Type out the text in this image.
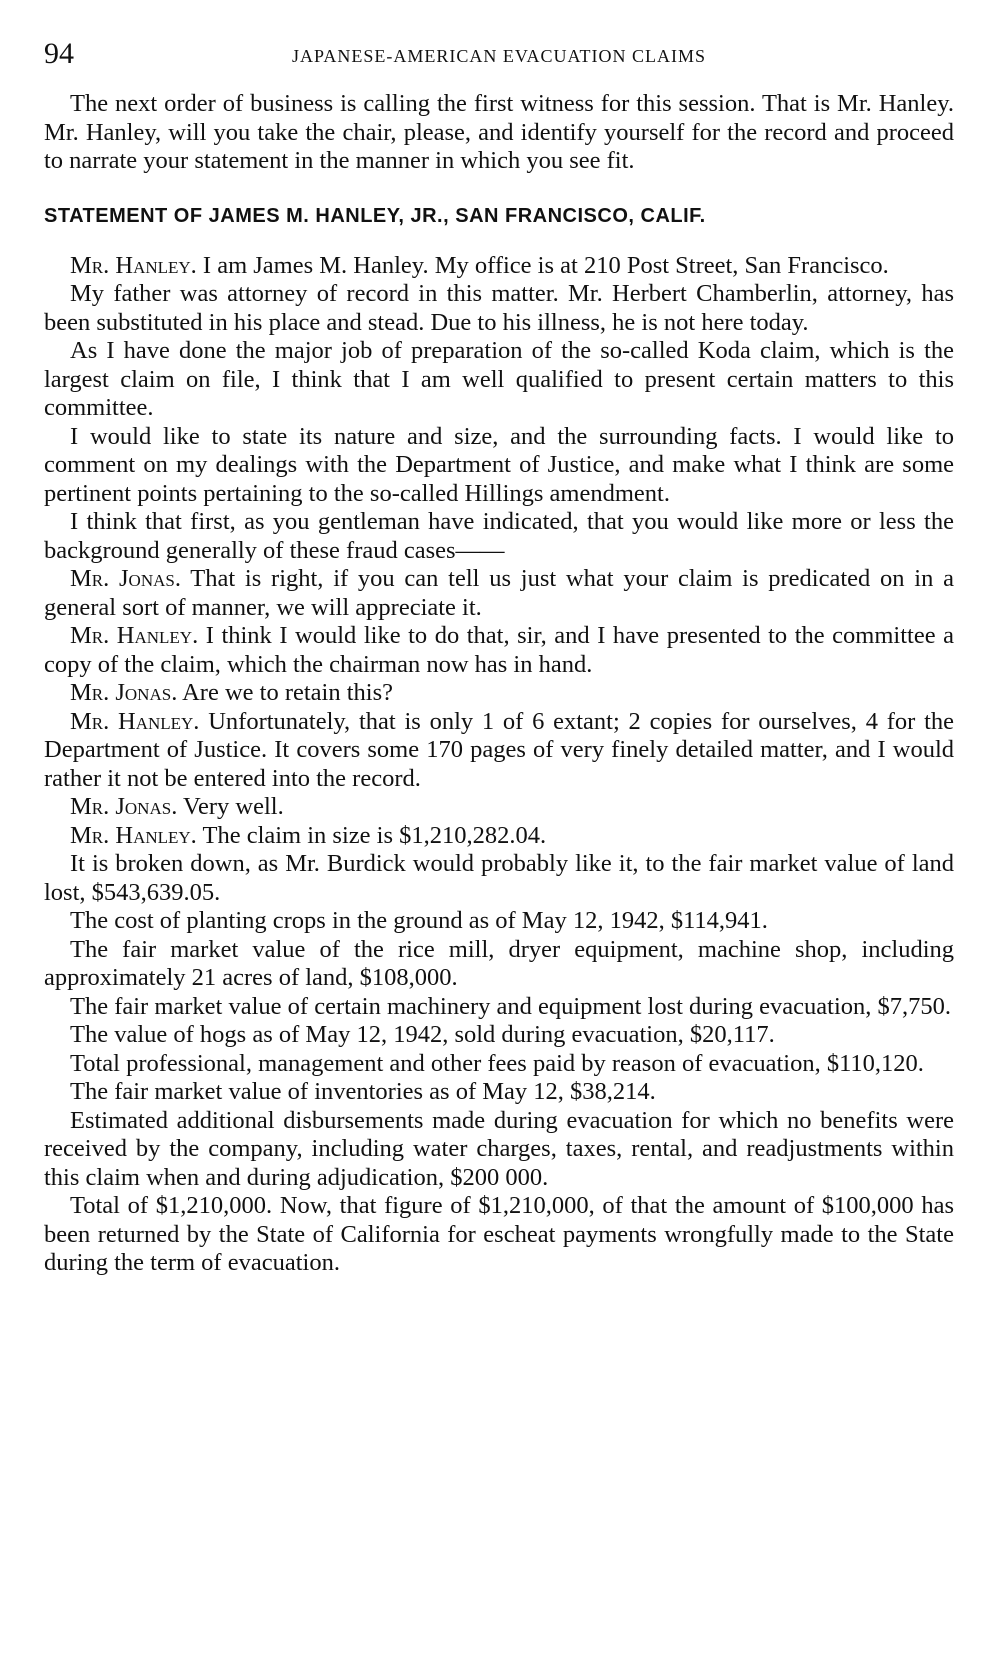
94	JAPANESE-AMERICAN EVACUATION CLAIMS

The next order of business is calling the first witness for this session. That is Mr. Hanley. Mr. Hanley, will you take the chair, please, and identify yourself for the record and proceed to narrate your statement in the manner in which you see fit.

STATEMENT OF JAMES M. HANLEY, JR., SAN FRANCISCO, CALIF.

Mr. Hanley. I am James M. Hanley. My office is at 210 Post Street, San Francisco.

My father was attorney of record in this matter. Mr. Herbert Chamberlin, attorney, has been substituted in his place and stead. Due to his illness, he is not here today.

As I have done the major job of preparation of the so-called Koda claim, which is the largest claim on file, I think that I am well qualified to present certain matters to this committee.

I would like to state its nature and size, and the surrounding facts. I would like to comment on my dealings with the Department of Justice, and make what I think are some pertinent points pertaining to the so-called Hillings amendment.

I think that first, as you gentleman have indicated, that you would like more or less the background generally of these fraud cases——

Mr. Jonas. That is right, if you can tell us just what your claim is predicated on in a general sort of manner, we will appreciate it.

Mr. Hanley. I think I would like to do that, sir, and I have presented to the committee a copy of the claim, which the chairman now has in hand.

Mr. Jonas. Are we to retain this?

Mr. Hanley. Unfortunately, that is only 1 of 6 extant; 2 copies for ourselves, 4 for the Department of Justice. It covers some 170 pages of very finely detailed matter, and I would rather it not be entered into the record.

Mr. Jonas. Very well.

Mr. Hanley. The claim in size is $1,210,282.04.

It is broken down, as Mr. Burdick would probably like it, to the fair market value of land lost, $543,639.05.

The cost of planting crops in the ground as of May 12, 1942, $114,941.

The fair market value of the rice mill, dryer equipment, machine shop, including approximately 21 acres of land, $108,000.

The fair market value of certain machinery and equipment lost during evacuation, $7,750.

The value of hogs as of May 12, 1942, sold during evacuation, $20,117.

Total professional, management and other fees paid by reason of evacuation, $110,120.

The fair market value of inventories as of May 12, $38,214.

Estimated additional disbursements made during evacuation for which no benefits were received by the company, including water charges, taxes, rental, and readjustments within this claim when and during adjudication, $200 000.

Total of $1,210,000. Now, that figure of $1,210,000, of that the amount of $100,000 has been returned by the State of California for escheat payments wrongfully made to the State during the term of evacuation.
